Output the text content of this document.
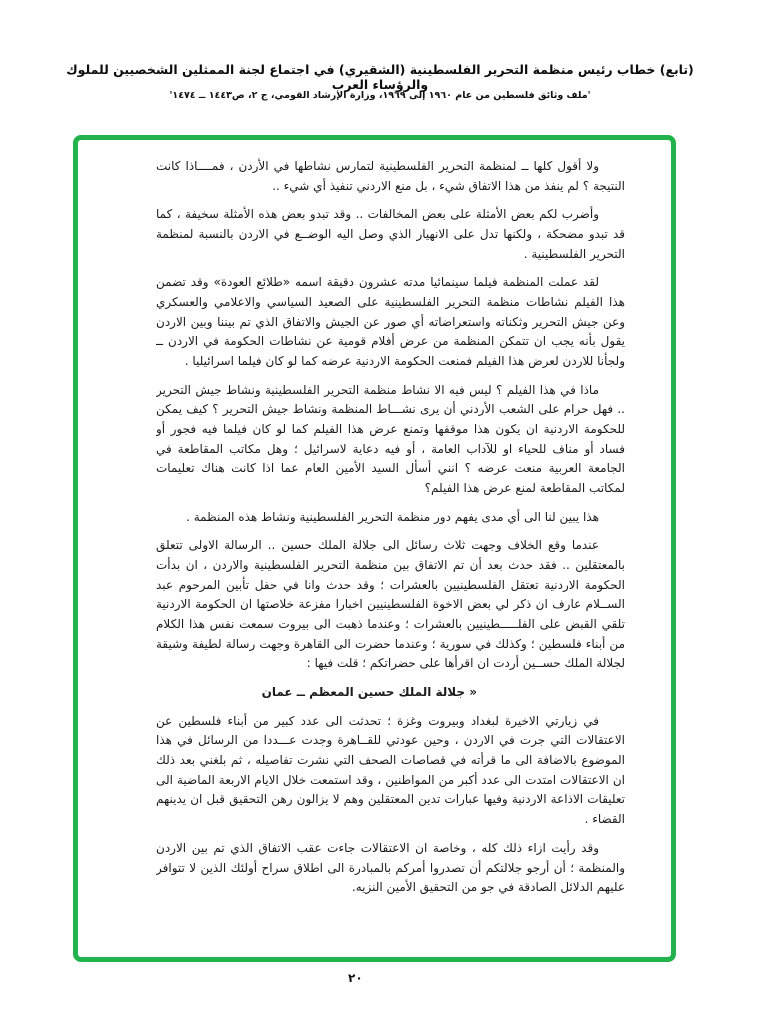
(تابع) خطاب رئيس منظمة التحرير الفلسطينية (الشقيري) في اجتماع لجنة الممثلين الشخصيين للملوك والرؤساء العرب
'ملف وثائق فلسطين من عام ١٩٦٠ إلى ١٩٦٩، وزارة الإرشاد القومي، ج ٢، ص١٤٤٣ ــ ١٤٧٤'

ولا أقول كلها ــ لمنظمة التحرير الفلسطينية لتمارس نشاطها في الأردن ، فمــــاذا كانت النتيجة ؟ لم ينفذ من هذا الاتفاق شيء ، بل منع الاردني تنفيذ أي شيء ..

وأضرب لكم بعض الأمثلة على بعض المخالفات .. وقد تبدو بعض هذه الأمثلة سخيفة ، كما قد تبدو مضحكة ، ولكنها تدل على الانهيار الذي وصل اليه الوضــع في الاردن بالنسبة لمنظمة التحرير الفلسطينية .

لقد عملت المنظمة فيلما سينمائيا مدته عشرون دقيقة اسمه «طلائع العودة» وقد تضمن هذا الفيلم نشاطات منظمة التحرير الفلسطينية على الصعيد السياسي والاعلامي والعسكري وعن جيش التحرير وثكناته واستعراضاته أي صور عن الجيش والاتفاق الذي تم بيننا وبين الاردن يقول بأنه يجب ان تتمكن المنظمة من عرض أفلام قومية عن نشاطات الحكومة في الاردن ــ ولجأنا للاردن لعرض هذا الفيلم فمنعت الحكومة الاردنية عرضه كما لو كان فيلما اسرائيليا .

ماذا في هذا الفيلم ؟ ليس فيه الا نشاط منظمة التحرير الفلسطينية ونشاط جيش التحرير .. فهل حرام على الشعب الأردني أن يرى نشـــاط المنظمة ونشاط جيش التحرير ؟ كيف يمكن للحكومة الاردنية ان يكون هذا موقفها وتمنع عرض هذا الفيلم كما لو كان فيلما فيه فجور أو فساد أو مناف للحياء او للآداب العامة ، أو فيه دعاية لاسرائيل ؛ وهل مكاتب المقاطعة في الجامعة العربية منعت عرضه ؟ انني أسأل السيد الأمين العام عما اذا كانت هناك تعليمات لمكاتب المقاطعة لمنع عرض هذا الفيلم؟

هذا يبين لنا الى أي مدى يفهم دور منظمة التحرير الفلسطينية ونشاط هذه المنظمة .

عندما وقع الخلاف وجهت ثلاث رسائل الى جلالة الملك حسين .. الرسالة الاولى تتعلق بالمعتقلين .. فقد حدث بعد أن تم الاتفاق بين منظمة التحرير الفلسطينية والاردن ، ان بدأت الحكومة الاردنية تعتقل الفلسطينيين بالعشرات ؛ وقد حدث وانا في حفل تأبين المرحوم عبد الســلام عارف ان ذكر لي بعض الاخوة الفلسطينيين اخبارا مفزعة خلاصتها ان الحكومة الاردنية تلقي القبض على الفلـــــطينيين بالعشرات ؛ وعندما ذهبت الى بيروت سمعت نفس هذا الكلام من أبناء فلسطين ؛ وكذلك في سورية ؛ وعندما حضرت الى القاهرة وجهت رسالة لطيفة وشيقة لجلالة الملك حســين أردت ان اقرأها على حضراتكم ؛ قلت فيها :

« جلالة الملك حسين المعظم ــ عمان

في زيارتي الاخيرة لبغداد وبيروت وغزة ؛ تحدثت الى عدد كبير من أبناء فلسطين عن الاعتقالات التي جرت في الاردن ، وحين عودتي للقــاهرة وجدت عـــددا من الرسائل في هذا الموضوع بالاضافة الى ما قرأته في قصاصات الصحف التي نشرت تفاصيله ، ثم بلغني بعد ذلك ان الاعتقالات امتدت الى عدد أكبر من المواطنين ، وقد استمعت خلال الايام الاربعة الماضية الى تعليقات الاذاعة الاردنية وفيها عبارات تدين المعتقلين وهم لا يزالون رهن التحقيق قبل ان يدينهم القضاء .

وقد رأيت ازاء ذلك كله ، وخاصة ان الاعتقالات جاءت عقب الاتفاق الذي تم بين الاردن والمنظمة ؛ أن أرجو جلالتكم أن تصدروا أمركم بالمبادرة الى اطلاق سراح أولئك الذين لا تتوافر عليهم الدلائل الصادقة في جو من التحقيق الأمين النزيه.

٢٠
